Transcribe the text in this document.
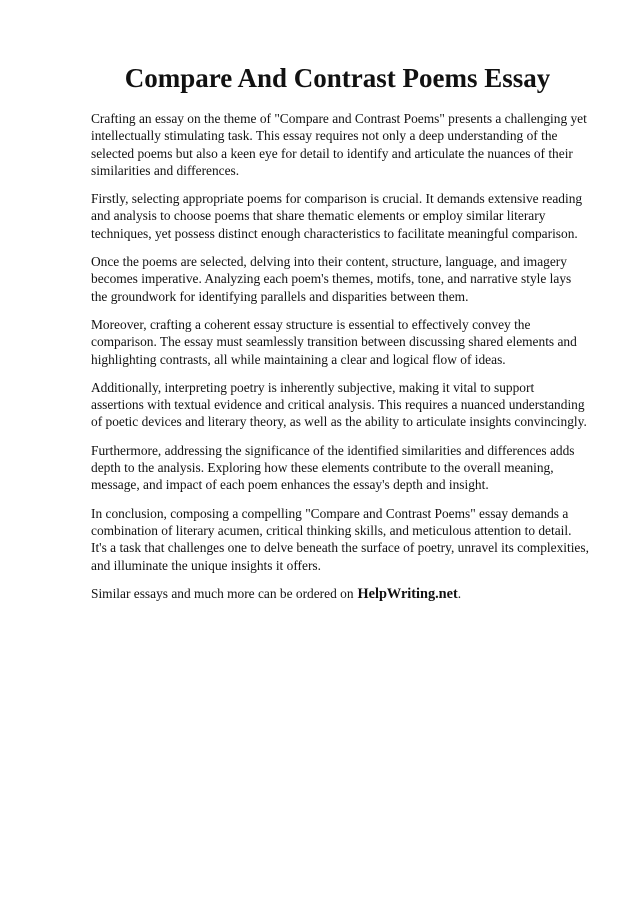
Compare And Contrast Poems Essay

Crafting an essay on the theme of "Compare and Contrast Poems" presents a challenging yet intellectually stimulating task. This essay requires not only a deep understanding of the selected poems but also a keen eye for detail to identify and articulate the nuances of their similarities and differences.

Firstly, selecting appropriate poems for comparison is crucial. It demands extensive reading and analysis to choose poems that share thematic elements or employ similar literary techniques, yet possess distinct enough characteristics to facilitate meaningful comparison.

Once the poems are selected, delving into their content, structure, language, and imagery becomes imperative. Analyzing each poem's themes, motifs, tone, and narrative style lays the groundwork for identifying parallels and disparities between them.

Moreover, crafting a coherent essay structure is essential to effectively convey the comparison. The essay must seamlessly transition between discussing shared elements and highlighting contrasts, all while maintaining a clear and logical flow of ideas.

Additionally, interpreting poetry is inherently subjective, making it vital to support assertions with textual evidence and critical analysis. This requires a nuanced understanding of poetic devices and literary theory, as well as the ability to articulate insights convincingly.

Furthermore, addressing the significance of the identified similarities and differences adds depth to the analysis. Exploring how these elements contribute to the overall meaning, message, and impact of each poem enhances the essay's depth and insight.

In conclusion, composing a compelling "Compare and Contrast Poems" essay demands a combination of literary acumen, critical thinking skills, and meticulous attention to detail. It's a task that challenges one to delve beneath the surface of poetry, unravel its complexities, and illuminate the unique insights it offers.

Similar essays and much more can be ordered on HelpWriting.net.
